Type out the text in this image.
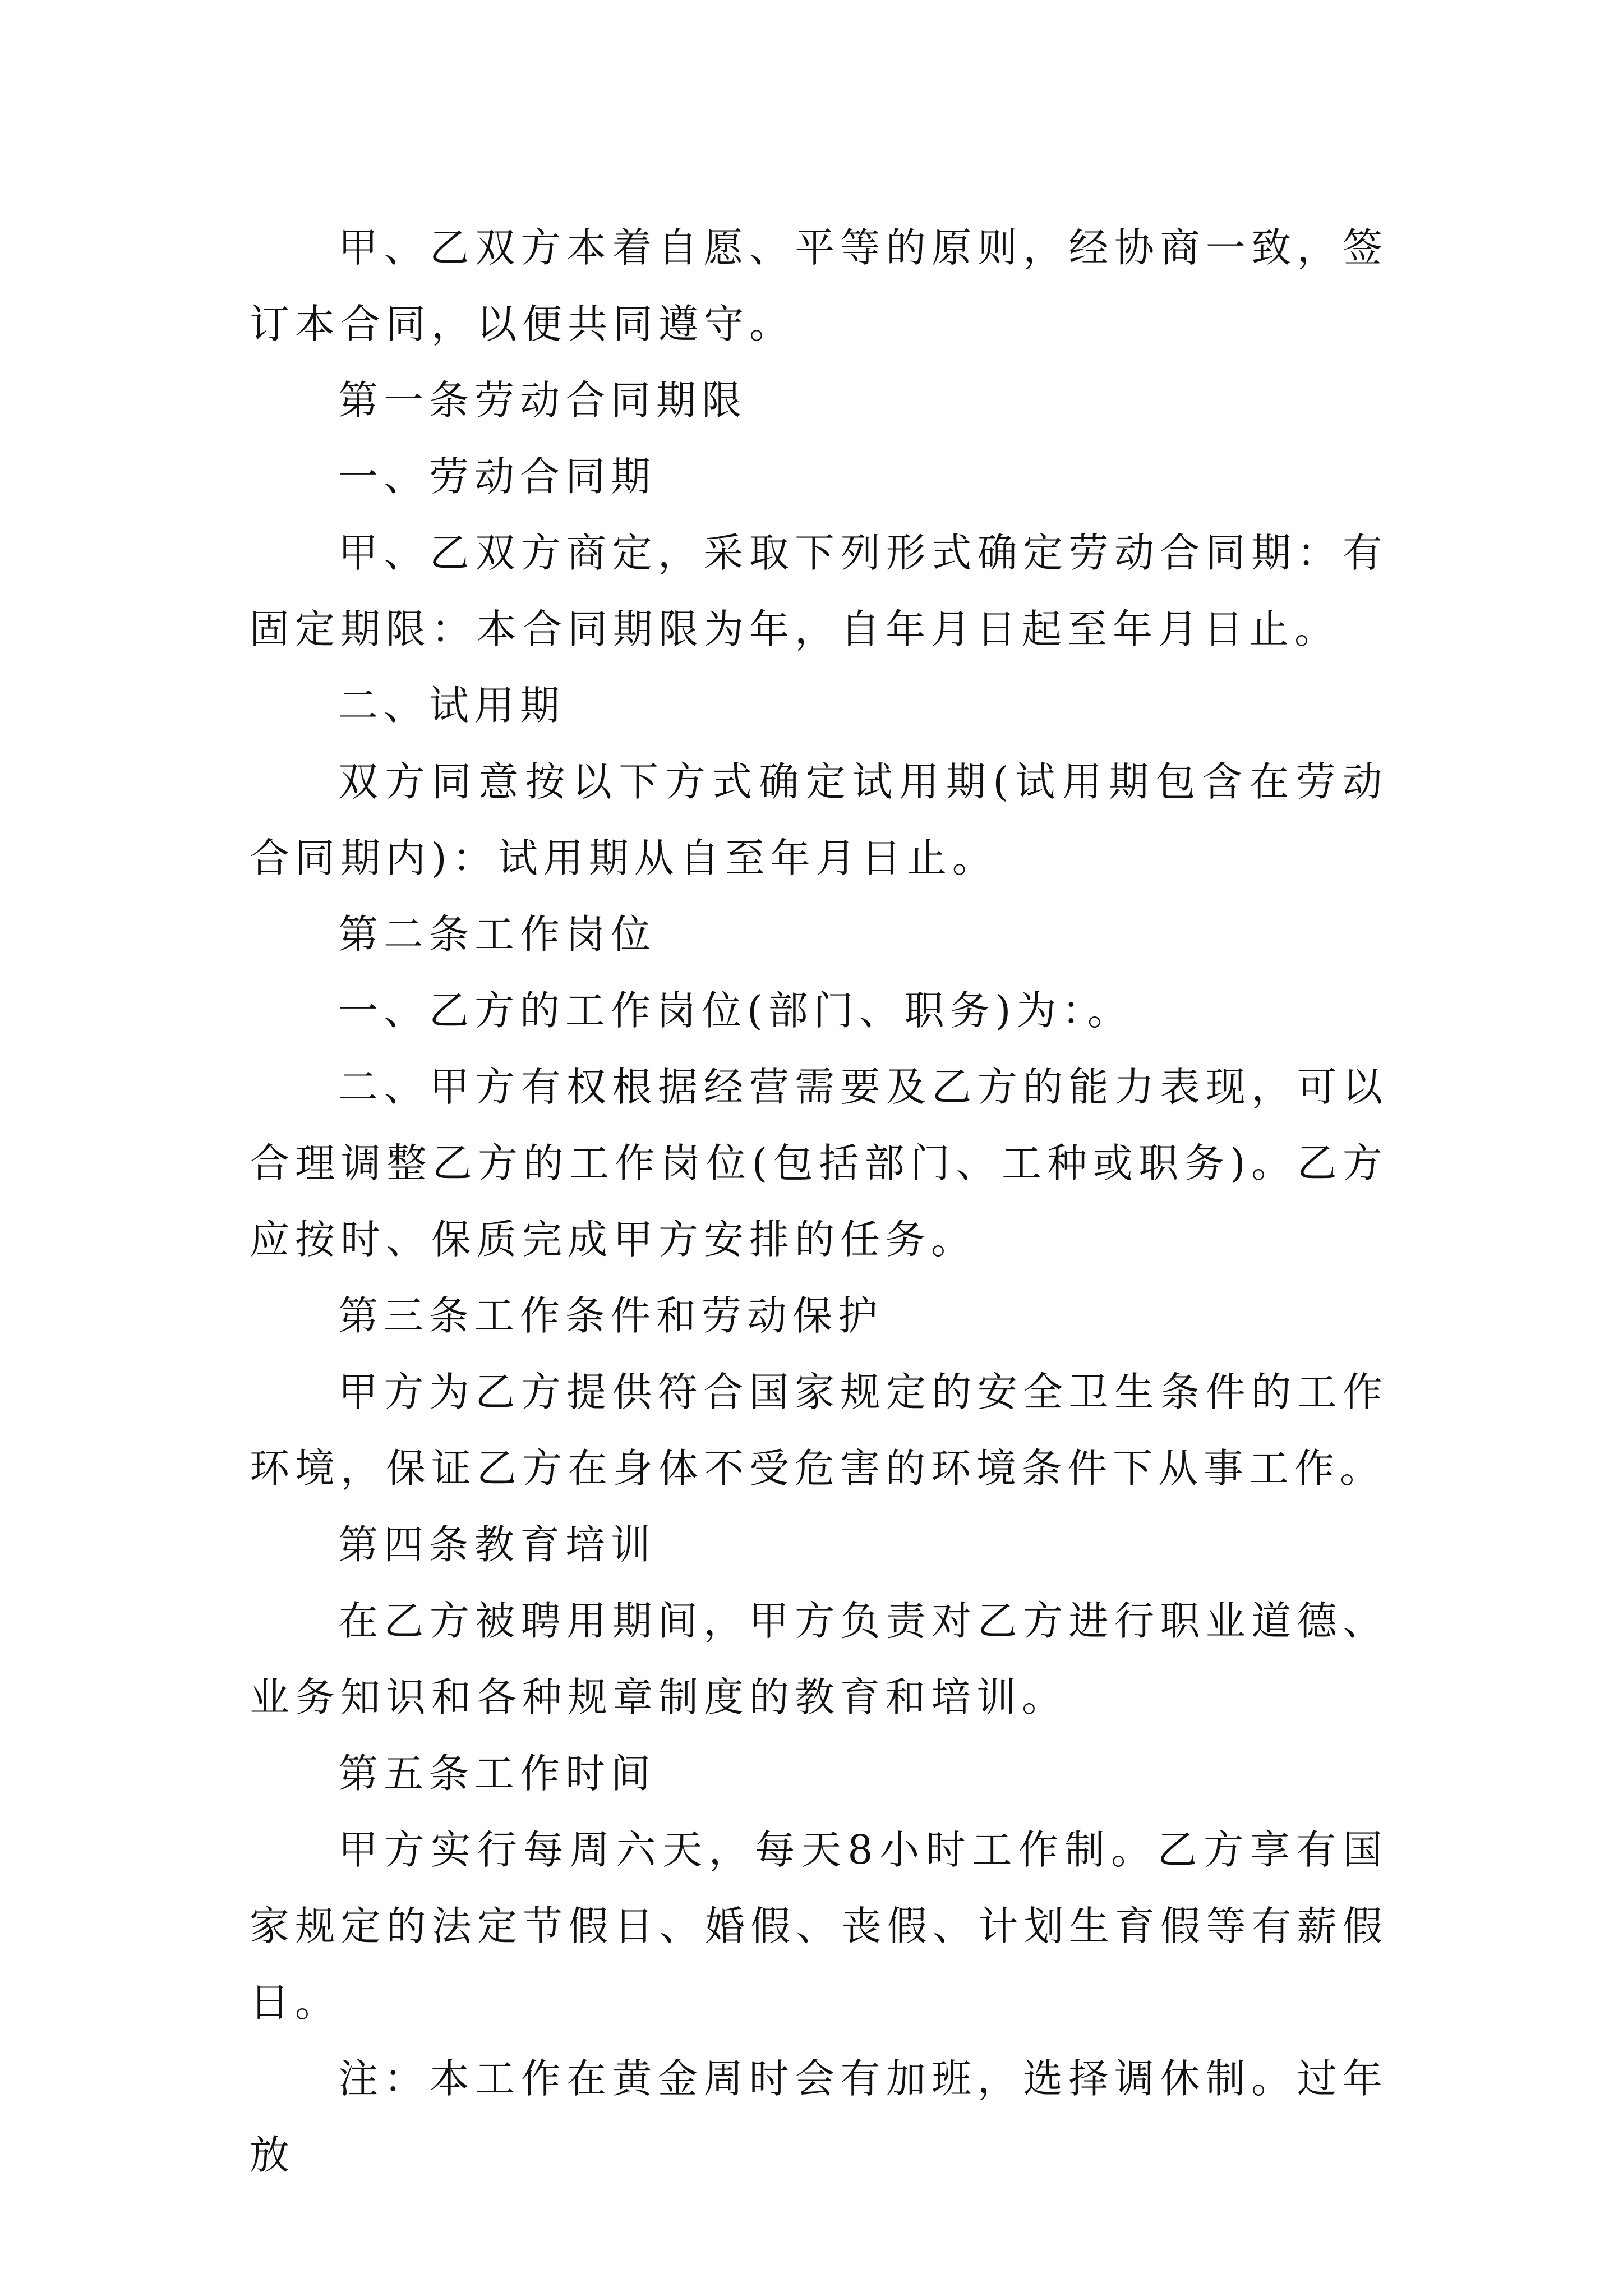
甲、乙双方本着自愿、平等的原则，经协商一致，签订本合同，以便共同遵守。

第一条劳动合同期限

一、劳动合同期

甲、乙双方商定，采取下列形式确定劳动合同期：有固定期限：本合同期限为年，自年月日起至年月日止。

二、试用期

双方同意按以下方式确定试用期(试用期包含在劳动合同期内)：试用期从自至年月日止。

第二条工作岗位

一、乙方的工作岗位(部门、职务)为：。

二、甲方有权根据经营需要及乙方的能力表现，可以合理调整乙方的工作岗位(包括部门、工种或职务)。乙方应按时、保质完成甲方安排的任务。

第三条工作条件和劳动保护

甲方为乙方提供符合国家规定的安全卫生条件的工作环境，保证乙方在身体不受危害的环境条件下从事工作。

第四条教育培训

在乙方被聘用期间，甲方负责对乙方进行职业道德、业务知识和各种规章制度的教育和培训。

第五条工作时间

甲方实行每周六天，每天8小时工作制。乙方享有国家规定的法定节假日、婚假、丧假、计划生育假等有薪假日。

注：本工作在黄金周时会有加班，选择调休制。过年放
